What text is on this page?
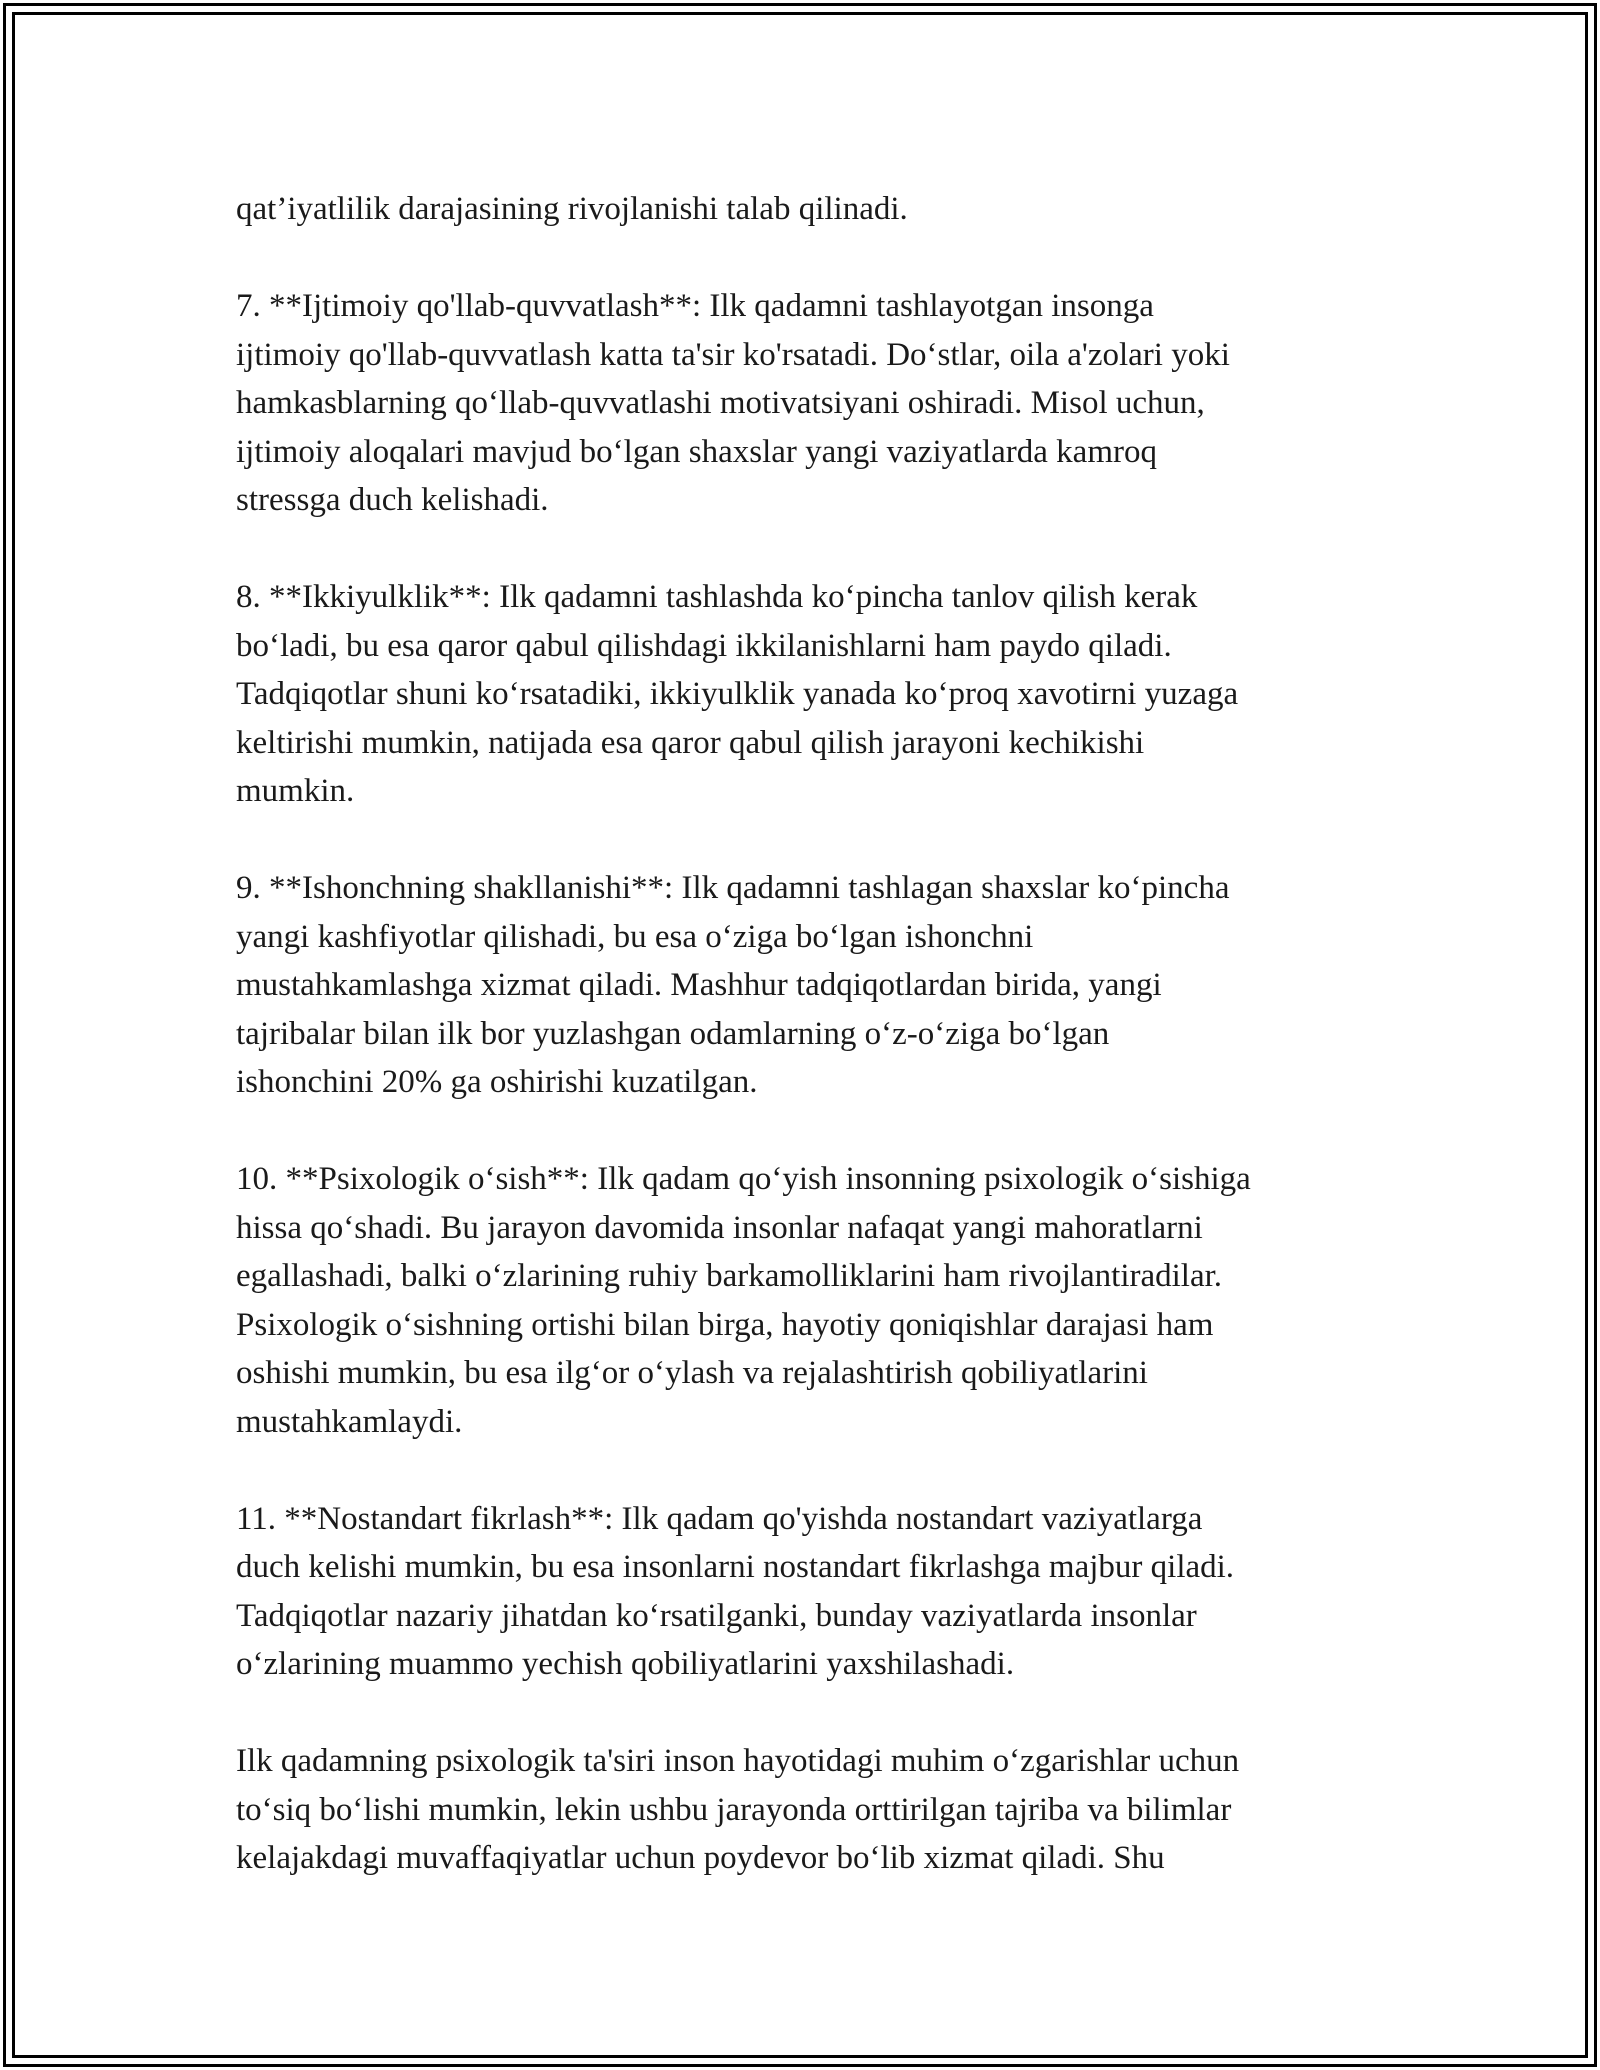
qat’iyatlilik darajasining rivojlanishi talab qilinadi.
7. **Ijtimoiy qo'llab-quvvatlash**: Ilk qadamni tashlayotgan insonga
ijtimoiy qo'llab-quvvatlash katta ta'sir ko'rsatadi. Do‘stlar, oila a'zolari yoki
hamkasblarning qo‘llab-quvvatlashi motivatsiyani oshiradi. Misol uchun,
ijtimoiy aloqalari mavjud bo‘lgan shaxslar yangi vaziyatlarda kamroq
stressga duch kelishadi.
8. **Ikkiyulklik**: Ilk qadamni tashlashda ko‘pincha tanlov qilish kerak
bo‘ladi, bu esa qaror qabul qilishdagi ikkilanishlarni ham paydo qiladi.
Tadqiqotlar shuni ko‘rsatadiki, ikkiyulklik yanada ko‘proq xavotirni yuzaga
keltirishi mumkin, natijada esa qaror qabul qilish jarayoni kechikishi
mumkin.
9. **Ishonchning shakllanishi**: Ilk qadamni tashlagan shaxslar ko‘pincha
yangi kashfiyotlar qilishadi, bu esa o‘ziga bo‘lgan ishonchni
mustahkamlashga xizmat qiladi. Mashhur tadqiqotlardan birida, yangi
tajribalar bilan ilk bor yuzlashgan odamlarning o‘z-o‘ziga bo‘lgan
ishonchini 20% ga oshirishi kuzatilgan.
10. **Psixologik o‘sish**: Ilk qadam qo‘yish insonning psixologik o‘sishiga
hissa qo‘shadi. Bu jarayon davomida insonlar nafaqat yangi mahoratlarni
egallashadi, balki o‘zlarining ruhiy barkamolliklarini ham rivojlantiradilar.
Psixologik o‘sishning ortishi bilan birga, hayotiy qoniqishlar darajasi ham
oshishi mumkin, bu esa ilg‘or o‘ylash va rejalashtirish qobiliyatlarini
mustahkamlaydi.
11. **Nostandart fikrlash**: Ilk qadam qo'yishda nostandart vaziyatlarga
duch kelishi mumkin, bu esa insonlarni nostandart fikrlashga majbur qiladi.
Tadqiqotlar nazariy jihatdan ko‘rsatilganki, bunday vaziyatlarda insonlar
o‘zlarining muammo yechish qobiliyatlarini yaxshilashadi.
Ilk qadamning psixologik ta'siri inson hayotidagi muhim o‘zgarishlar uchun
to‘siq bo‘lishi mumkin, lekin ushbu jarayonda orttirilgan tajriba va bilimlar
kelajakdagi muvaffaqiyatlar uchun poydevor bo‘lib xizmat qiladi. Shu
